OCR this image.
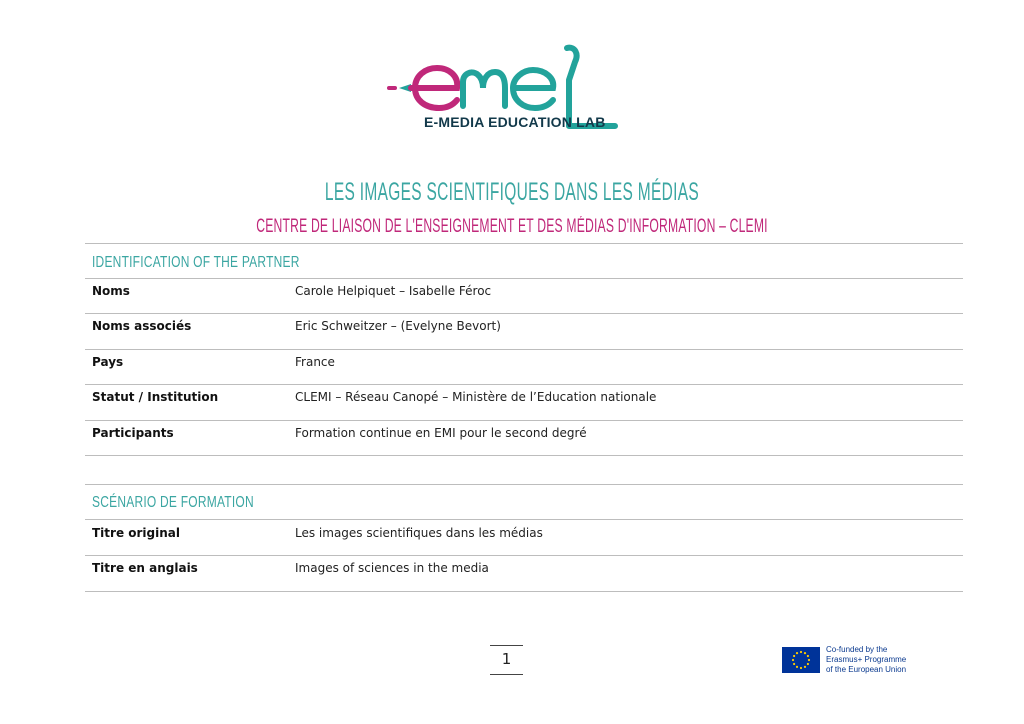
E-MEDIA EDUCATION LAB
LES IMAGES SCIENTIFIQUES DANS LES MÉDIAS
CENTRE DE LIAISON DE L'ENSEIGNEMENT ET DES MÉDIAS D'INFORMATION – CLEMI
IDENTIFICATION OF THE PARTNER
Noms	Carole Helpiquet – Isabelle Féroc
Noms associés	Eric Schweitzer – (Evelyne Bevort)
Pays	France
Statut / Institution	CLEMI – Réseau Canopé – Ministère de l’Education nationale
Participants	Formation continue en EMI pour le second degré
SCÉNARIO DE FORMATION
Titre original	Les images scientifiques dans les médias
Titre en anglais	Images of sciences in the media
1
Co-funded by the
Erasmus+ Programme
of the European Union
